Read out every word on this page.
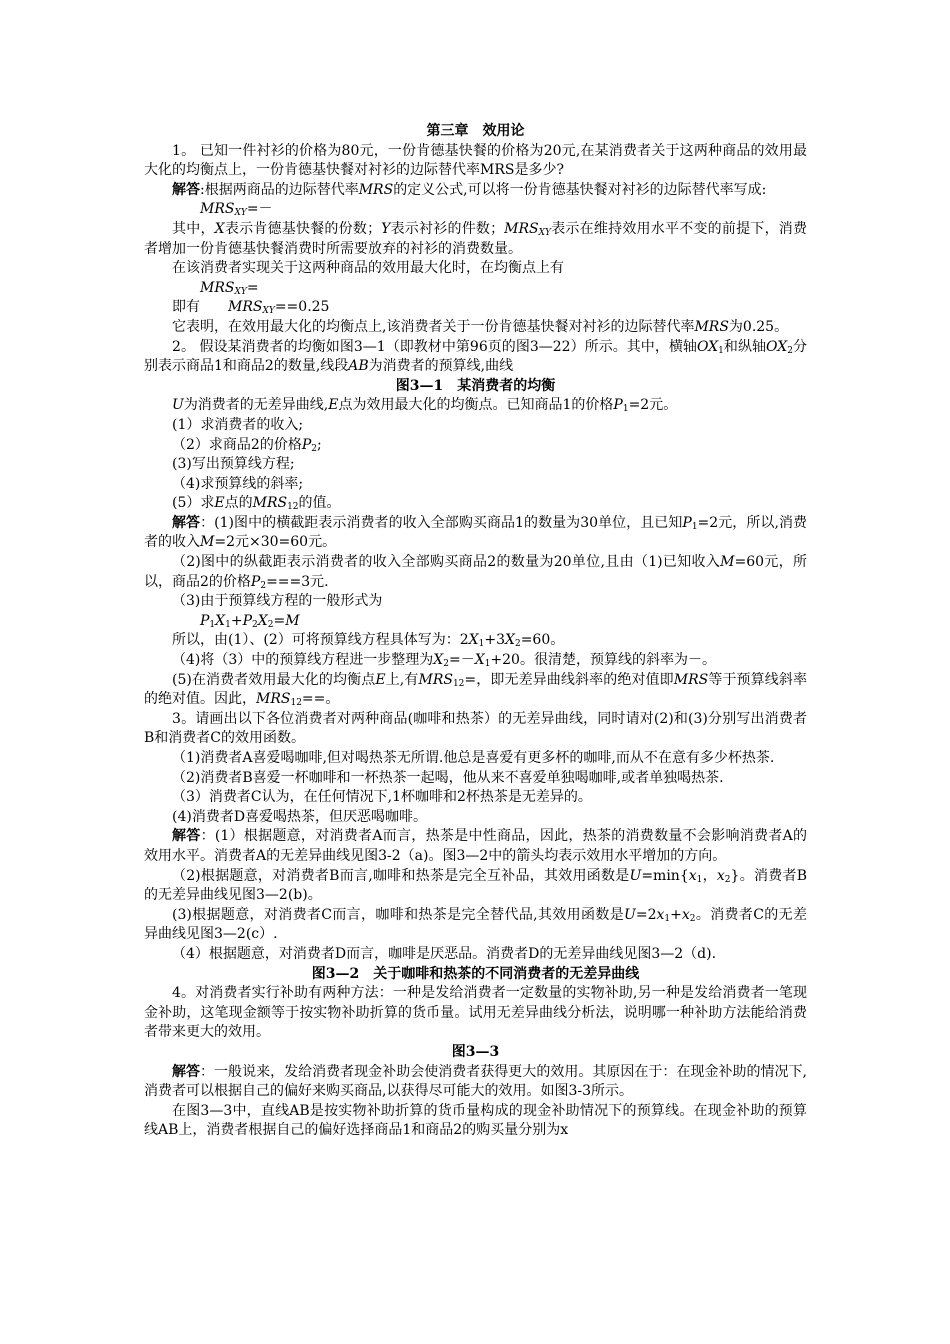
第三章　效用论

1。 已知一件衬衫的价格为80元，一份肯德基快餐的价格为20元,在某消费者关于这两种商品的效用最大化的均衡点上，一份肯德基快餐对衬衫的边际替代率MRS是多少?

解答:根据两商品的边际替代率MRS的定义公式,可以将一份肯德基快餐对衬衫的边际替代率写成:

$MRS_{XY}=-$

其中，X表示肯德基快餐的份数；Y表示衬衫的件数；$MRS_{XY}$表示在维持效用水平不变的前提下，消费者增加一份肯德基快餐消费时所需要放弃的衬衫的消费数量。

在该消费者实现关于这两种商品的效用最大化时，在均衡点上有

$MRS_{XY}=$

即有　　$MRS_{XY}==0.25$

它表明，在效用最大化的均衡点上,该消费者关于一份肯德基快餐对衬衫的边际替代率MRS为0.25。

2。 假设某消费者的均衡如图3—1（即教材中第96页的图3—22）所示。其中，横轴$OX_1$和纵轴$OX_2$分别表示商品1和商品2的数量,线段AB为消费者的预算线,曲线

图3—1　某消费者的均衡

U为消费者的无差异曲线,E点为效用最大化的均衡点。已知商品1的价格$P_1=2$元。

(1）求消费者的收入;

（2）求商品2的价格$P_2$;

(3)写出预算线方程;

（4)求预算线的斜率;

(5）求E点的$MRS_{12}$的值。

解答：(1)图中的横截距表示消费者的收入全部购买商品1的数量为30单位，且已知$P_1=2$元，所以,消费者的收入M=2元×30=60元。

（2)图中的纵截距表示消费者的收入全部购买商品2的数量为20单位,且由（1)已知收入M=60元，所以，商品2的价格$P_2===3$元.

（3)由于预算线方程的一般形式为

$P_1X_1+P_2X_2=M$

所以，由(1）、(2）可将预算线方程具体写为：$2X_1+3X_2=60$。

（4)将（3）中的预算线方程进一步整理为$X_2=-X_1+20$。很清楚，预算线的斜率为－。

(5)在消费者效用最大化的均衡点E上,有$MRS_{12}=$，即无差异曲线斜率的绝对值即MRS等于预算线斜率的绝对值。因此，$MRS_{12}==$。

3。请画出以下各位消费者对两种商品(咖啡和热茶）的无差异曲线，同时请对(2)和(3)分别写出消费者B和消费者C的效用函数。

（1)消费者A喜爱喝咖啡,但对喝热茶无所谓.他总是喜爱有更多杯的咖啡,而从不在意有多少杯热茶.

（2)消费者B喜爱一杯咖啡和一杯热茶一起喝，他从来不喜爱单独喝咖啡,或者单独喝热茶.

（3）消费者C认为，在任何情况下,1杯咖啡和2杯热茶是无差异的。

(4)消费者D喜爱喝热茶，但厌恶喝咖啡。

解答：(1）根据题意，对消费者A而言，热茶是中性商品，因此，热茶的消费数量不会影响消费者A的效用水平。消费者A的无差异曲线见图3-2（a)。图3—2中的箭头均表示效用水平增加的方向。

（2)根据题意，对消费者B而言,咖啡和热茶是完全互补品，其效用函数是$U=\min\{x_1$，$x_2$}。消费者B的无差异曲线见图3—2(b)。

(3)根据题意，对消费者C而言，咖啡和热茶是完全替代品,其效用函数是$U=2x_1+x_2$。消费者C的无差异曲线见图3—2(c）.

（4）根据题意，对消费者D而言，咖啡是厌恶品。消费者D的无差异曲线见图3—2（d).

图3—2　关于咖啡和热茶的不同消费者的无差异曲线

4。对消费者实行补助有两种方法：一种是发给消费者一定数量的实物补助,另一种是发给消费者一笔现金补助，这笔现金额等于按实物补助折算的货币量。试用无差异曲线分析法，说明哪一种补助方法能给消费者带来更大的效用。

图3—3

解答：一般说来，发给消费者现金补助会使消费者获得更大的效用。其原因在于：在现金补助的情况下,消费者可以根据自己的偏好来购买商品,以获得尽可能大的效用。如图3-3所示。

在图3—3中，直线AB是按实物补助折算的货币量构成的现金补助情况下的预算线。在现金补助的预算线AB上，消费者根据自己的偏好选择商品1和商品2的购买量分别为x
